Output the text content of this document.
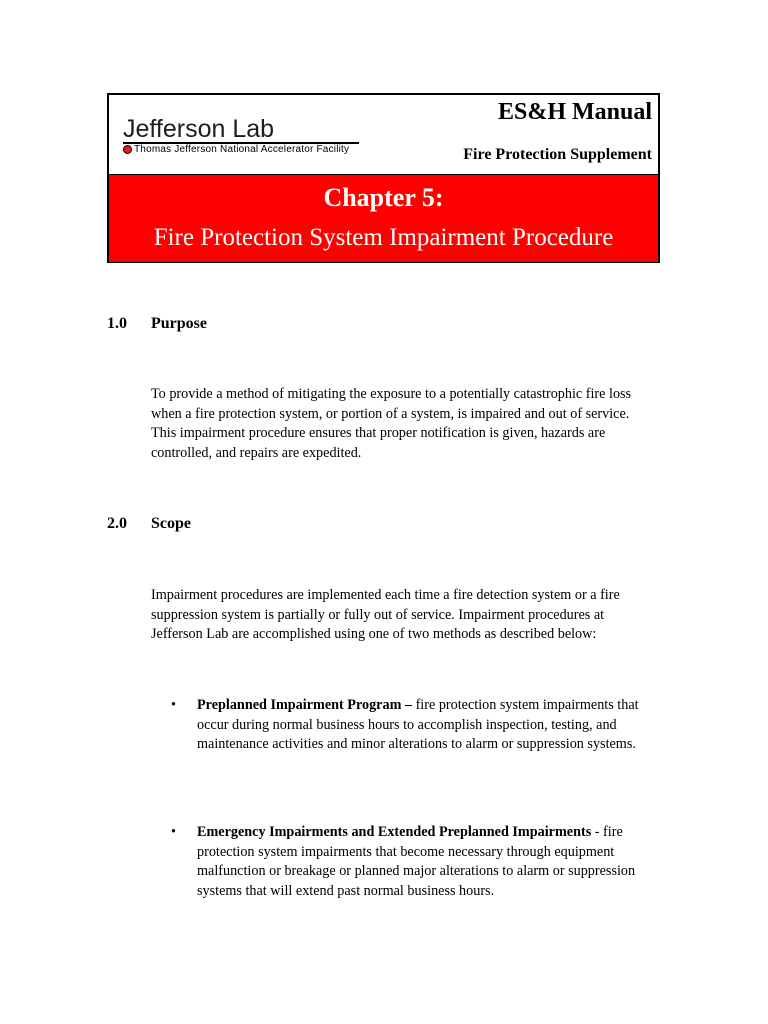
Jefferson Lab
Thomas Jefferson National Accelerator Facility
ES&H Manual
Fire Protection Supplement
Chapter 5:
Fire Protection System Impairment Procedure
1.0 Purpose
To provide a method of mitigating the exposure to a potentially catastrophic fire loss when a fire protection system, or portion of a system, is impaired and out of service. This impairment procedure ensures that proper notification is given, hazards are controlled, and repairs are expedited.
2.0 Scope
Impairment procedures are implemented each time a fire detection system or a fire suppression system is partially or fully out of service. Impairment procedures at Jefferson Lab are accomplished using one of two methods as described below:
• Preplanned Impairment Program – fire protection system impairments that occur during normal business hours to accomplish inspection, testing, and maintenance activities and minor alterations to alarm or suppression systems.
• Emergency Impairments and Extended Preplanned Impairments - fire protection system impairments that become necessary through equipment malfunction or breakage or planned major alterations to alarm or suppression systems that will extend past normal business hours.
